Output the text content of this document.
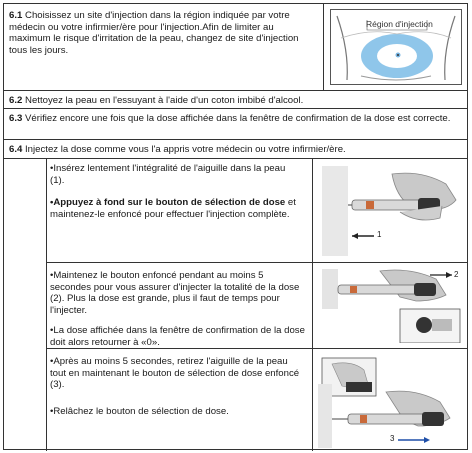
6.1 Choisissez un site d'injection dans la région indiquée par votre médecin ou votre infirmier/ère pour l'injection.Afin de limiter au maximum le risque d'irritation de la peau, changez de site d'injection tous les jours.
Région d'injection
6.2 Nettoyez la peau en l'essuyant à l'aide d'un coton imbibé d'alcool.
6.3 Vérifiez encore une fois que la dose affichée dans la fenêtre de confirmation de la dose est correcte.
6.4 Injectez la dose comme vous l'a appris votre médecin ou votre infirmier/ère.
•Insérez lentement l'intégralité de l'aiguille dans la peau (1).
•Appuyez à fond sur le bouton de sélection de dose et maintenez-le enfoncé pour effectuer l'injection complète.
1
•Maintenez le bouton enfoncé pendant au moins 5 secondes pour vous assurer d'injecter la totalité de la dose (2). Plus la dose est grande, plus il faut de temps pour l'injecter.
•La dose affichée dans la fenêtre de confirmation de la dose doit alors retourner à «0».
2
•Après au moins 5 secondes, retirez l'aiguille de la peau tout en maintenant le bouton de sélection de dose enfoncé (3).
•Relâchez le bouton de sélection de dose.
3
